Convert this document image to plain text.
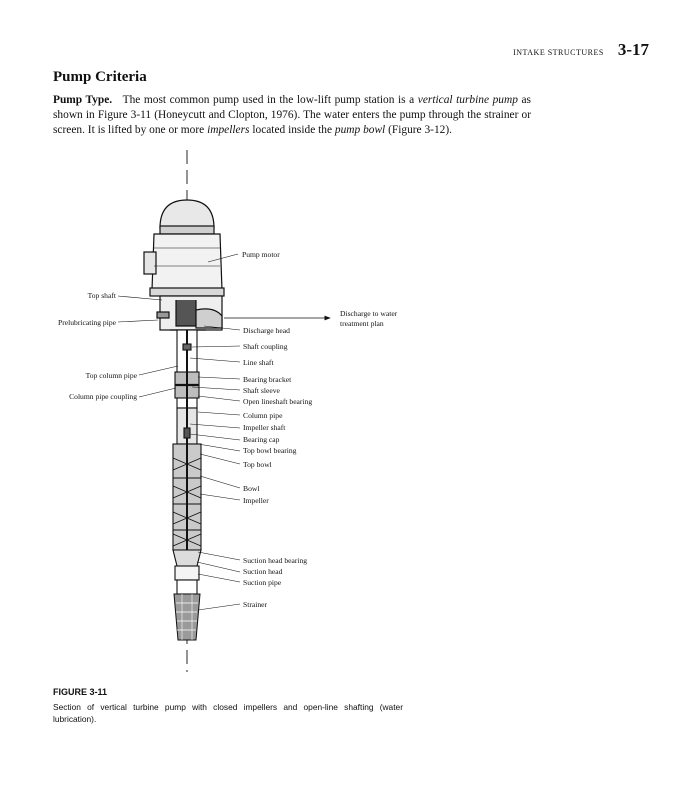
INTAKE STRUCTURES 3-17
Pump Criteria

Pump Type. The most common pump used in the low-lift pump station is a vertical turbine pump as shown in Figure 3-11 (Honeycutt and Clopton, 1976). The water enters the pump through the strainer or screen. It is lifted by one or more impellers located inside the pump bowl (Figure 3-12).

Pump motor
Top shaft
Prelubricating pipe
Discharge to water
treatment plan
Discharge head
Shaft coupling
Line shaft
Top column pipe	Bearing bracket
Shaft sleeve
Column pipe coupling
Open lineshaft bearing
Column pipe
Impeller shaft
Bearing cap
Top bowl bearing
Top bowl
Bowl
Impeller
Suction head bearing
Suction head
Suction pipe
Strainer

FIGURE 3-11

Section of vertical turbine pump with closed impellers and open-line shafting (water lubrication).
